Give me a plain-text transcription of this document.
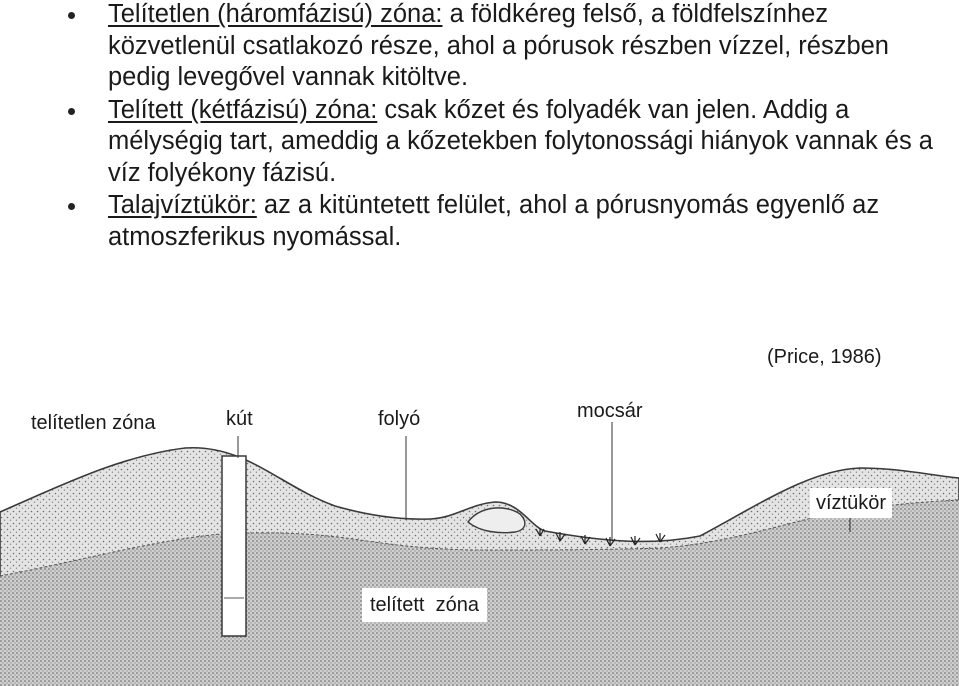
Telítetlen (háromfázisú) zóna: a földkéreg felső, a földfelszínhez közvetlenül csatlakozó része, ahol a pórusok részben vízzel, részben pedig levegővel vannak kitöltve.
Telített (kétfázisú) zóna: csak kőzet és folyadék van jelen. Addig a mélységig tart, ameddig a kőzetekben folytonossági hiányok vannak és a víz folyékony fázisú.
Talajvíztükör: az a kitüntetett felület, ahol a pórusnyomás egyenlő az atmoszferikus nyomással.
(Price, 1986)
telítetlen zóna	kút	folyó	mocsár
víztükör
telített  zóna
